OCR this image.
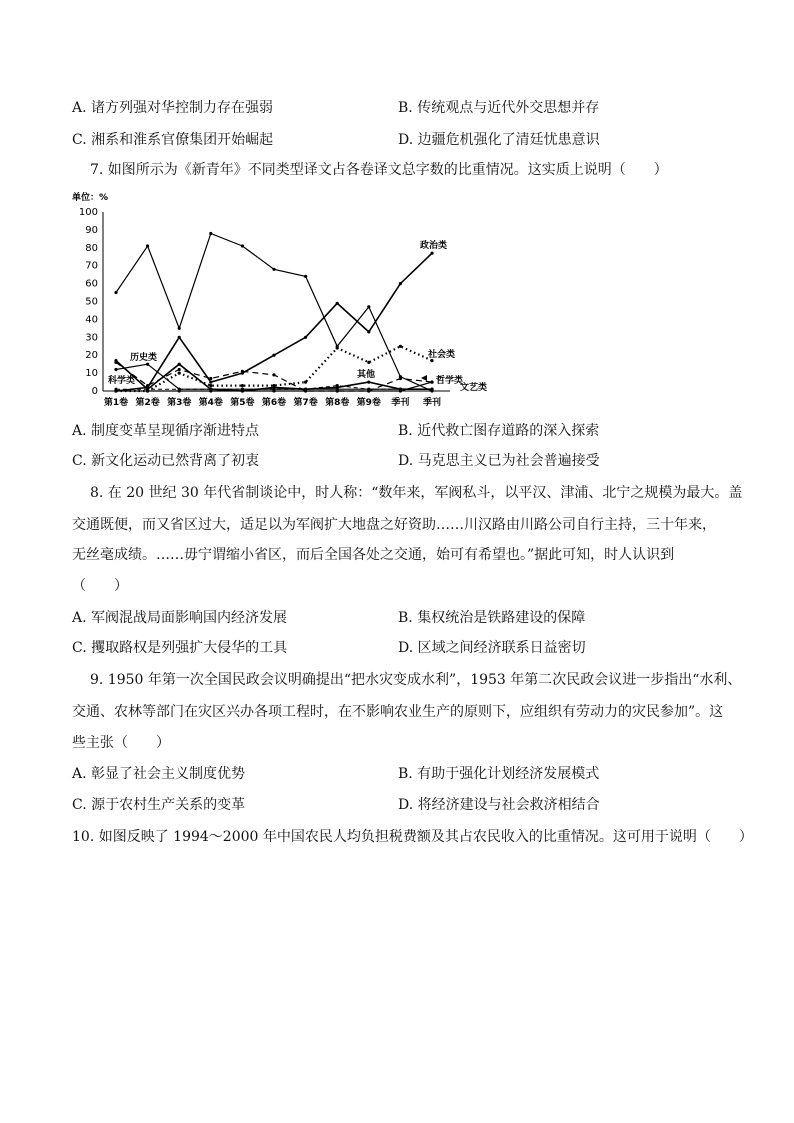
A. 诸方列强对华控制力存在强弱	B. 传统观点与近代外交思想并存
C. 湘系和淮系官僚集团开始崛起	D. 边疆危机强化了清廷忧患意识
7. 如图所示为《新青年》不同类型译文占各卷译文总字数的比重情况。这实质上说明（　　）
单位：%
100
90
80
70
60
50
40
30
20
10
0
第1卷 第2卷 第3卷 第4卷 第5卷 第6卷 第7卷 第8卷 第9卷 季刊 季刊
政治类
社会类
哲学类
文艺类
其他
历史类
科学类
A. 制度变革呈现循序渐进特点	B. 近代救亡图存道路的深入探索
C. 新文化运动已然背离了初衷	D. 马克思主义已为社会普遍接受
8. 在 20 世纪 30 年代省制谈论中，时人称：“数年来，军阀私斗，以平汉、津浦、北宁之规模为最大。盖
交通既便，而又省区过大，适足以为军阀扩大地盘之好资助……川汉路由川路公司自行主持，三十年来，
无丝毫成绩。……毋宁谓缩小省区，而后全国各处之交通，始可有希望也。”据此可知，时人认识到
（　　）
A. 军阀混战局面影响国内经济发展	B. 集权统治是铁路建设的保障
C. 攫取路权是列强扩大侵华的工具	D. 区域之间经济联系日益密切
9. 1950 年第一次全国民政会议明确提出“把水灾变成水利”，1953 年第二次民政会议进一步指出“水利、
交通、农林等部门在灾区兴办各项工程时，在不影响农业生产的原则下，应组织有劳动力的灾民参加”。这
些主张（　　）
A. 彰显了社会主义制度优势	B. 有助于强化计划经济发展模式
C. 源于农村生产关系的变革	D. 将经济建设与社会救济相结合
10. 如图反映了 1994～2000 年中国农民人均负担税费额及其占农民收入的比重情况。这可用于说明（　　）
